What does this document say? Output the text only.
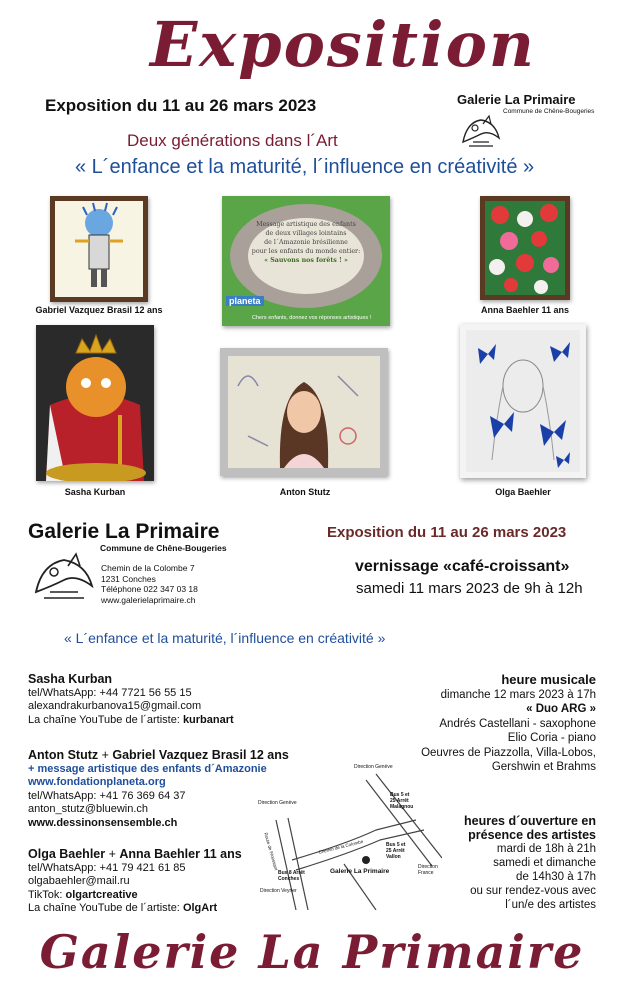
Exposition
Exposition du 11 au 26 mars 2023	Galerie La Primaire
Commune de Chêne-Bougeries
Deux générations dans l´Art
« L´enfance et la maturité, l´influence en créativité »
Gabriel Vazquez Brasil 12 ans
Message artistique des enfants
de deux villages lointains
de l´Amazonie brésilienne
pour les enfants du monde entier:
« Sauvons nos forêts ! »
planeta
Chers enfants, donnez vos réponses artistiques !
Anna Baehler 11 ans
Sasha Kurban	Anton Stutz	Olga Baehler
Galerie La Primaire
Commune de Chêne-Bougeries
Chemin de la Colombe 7
1231 Conches
Téléphone 022 347 03 18
www.galerielaprimaire.ch
Exposition du 11 au 26 mars 2023
vernissage «café-croissant»
samedi 11 mars 2023 de 9h à 12h
« L´enfance et la maturité, l´influence en créativité »
Sasha Kurban
tel/WhatsApp: +44 7721 56 55 15
alexandrakurbanova15@gmail.com
La chaîne YouTube de l´artiste: kurbanart
Anton Stutz + Gabriel Vazquez Brasil 12 ans
+ message artistique des enfants d´Amazonie
www.fondationplaneta.org
tel/WhatsApp: +41 76 369 64 37
anton_stutz@bluewin.ch
www.dessinonsensemble.ch
Olga Baehler + Anna Baehler 11 ans
tel/WhatsApp: +41 79 421 61 85
olgabaehler@mail.ru
TikTok: olgartcreative
La chaîne YouTube de l´artiste: OlgArt
heure musicale
dimanche 12 mars 2023 à 17h
« Duo ARG »
Andrés Castellani - saxophone
Elio Coria - piano
Oeuvres de Piazzolla, Villa-Lobos,
Gershwin et Brahms
heures d´ouverture en
présence des artistes
mardi de 18h à 21h
samedi et dimanche
de 14h30 à 17h
ou sur rendez-vous avec
l´un/e des artistes
Direction Genève
Direction Genève
Bus 5 et 25 Arrêt Malagnou
Bus 5 et 25 Arrêt Vallon
Bus 8 Arrêt Conches
Direction Veyrier
Direction France
Galerie La Primaire
Route de Florissant	Chemin de la Colombe
Galerie La Primaire
